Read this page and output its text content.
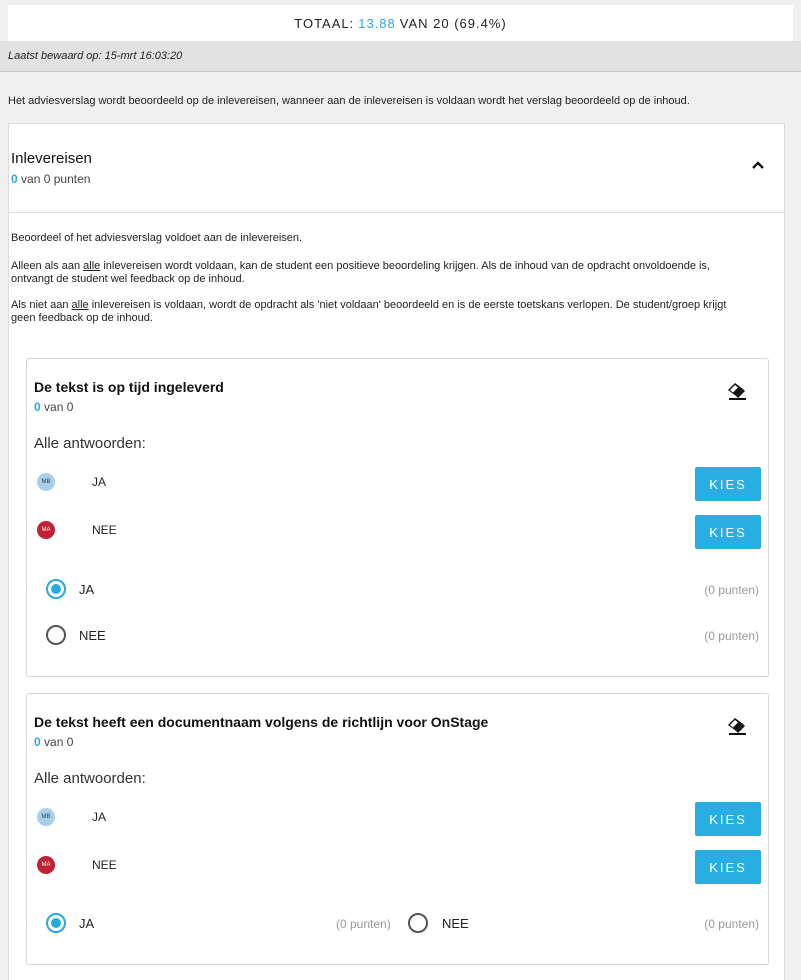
TOTAAL: 13.88 VAN 20 (69.4%)
Laatst bewaard op: 15-mrt 16:03:20
Het adviesverslag wordt beoordeeld op de inlevereisen, wanneer aan de inlevereisen is voldaan wordt het verslag beoordeeld op de inhoud.
Inlevereisen
0 van 0 punten
Beoordeel of het adviesverslag voldoet aan de inlevereisen.
Alleen als aan alle inlevereisen wordt voldaan, kan de student een positieve beoordeling krijgen. Als de inhoud van de opdracht onvoldoende is, ontvangt de student wel feedback op de inhoud.
Als niet aan alle inlevereisen is voldaan, wordt de opdracht als 'niet voldaan' beoordeeld en is de eerste toetskans verlopen. De student/groep krijgt geen feedback op de inhoud.
De tekst is op tijd ingeleverd
0 van 0
Alle antwoorden:
MB	JA	KIES
MA	NEE	KIES
JA	(0 punten)
NEE	(0 punten)
De tekst heeft een documentnaam volgens de richtlijn voor OnStage
0 van 0
Alle antwoorden:
MB	JA	KIES
MA	NEE	KIES
JA	(0 punten)	NEE	(0 punten)
